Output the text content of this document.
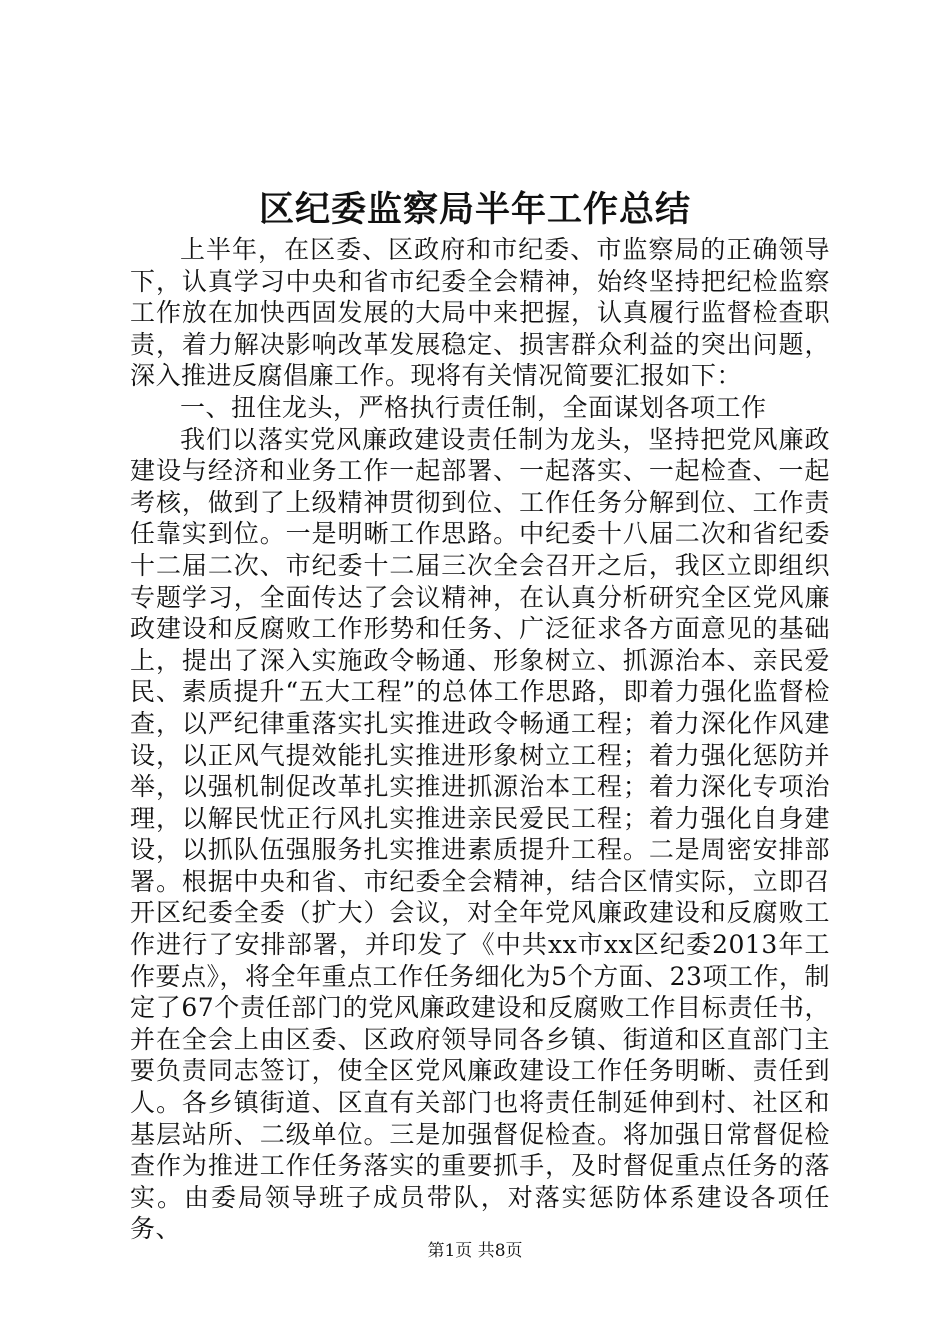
区纪委监察局半年工作总结

上半年，在区委、区政府和市纪委、市监察局的正确领导下，认真学习中央和省市纪委全会精神，始终坚持把纪检监察工作放在加快西固发展的大局中来把握，认真履行监督检查职责，着力解决影响改革发展稳定、损害群众利益的突出问题，深入推进反腐倡廉工作。现将有关情况简要汇报如下：

一、扭住龙头，严格执行责任制，全面谋划各项工作

我们以落实党风廉政建设责任制为龙头，坚持把党风廉政建设与经济和业务工作一起部署、一起落实、一起检查、一起考核，做到了上级精神贯彻到位、工作任务分解到位、工作责任靠实到位。一是明晰工作思路。中纪委十八届二次和省纪委十二届二次、市纪委十二届三次全会召开之后，我区立即组织专题学习，全面传达了会议精神，在认真分析研究全区党风廉政建设和反腐败工作形势和任务、广泛征求各方面意见的基础上，提出了深入实施政令畅通、形象树立、抓源治本、亲民爱民、素质提升“五大工程”的总体工作思路，即着力强化监督检查，以严纪律重落实扎实推进政令畅通工程；着力深化作风建设，以正风气提效能扎实推进形象树立工程；着力强化惩防并举，以强机制促改革扎实推进抓源治本工程；着力深化专项治理，以解民忧正行风扎实推进亲民爱民工程；着力强化自身建设，以抓队伍强服务扎实推进素质提升工程。二是周密安排部署。根据中央和省、市纪委全会精神，结合区情实际，立即召开区纪委全委（扩大）会议，对全年党风廉政建设和反腐败工作进行了安排部署，并印发了《中共xx市xx区纪委2013年工作要点》，将全年重点工作任务细化为5个方面、23项工作，制定了67个责任部门的党风廉政建设和反腐败工作目标责任书，并在全会上由区委、区政府领导同各乡镇、街道和区直部门主要负责同志签订，使全区党风廉政建设工作任务明晰、责任到人。各乡镇街道、区直有关部门也将责任制延伸到村、社区和基层站所、二级单位。三是加强督促检查。将加强日常督促检查作为推进工作任务落实的重要抓手，及时督促重点任务的落实。由委局领导班子成员带队，对落实惩防体系建设各项任务、

第1页 共8页
